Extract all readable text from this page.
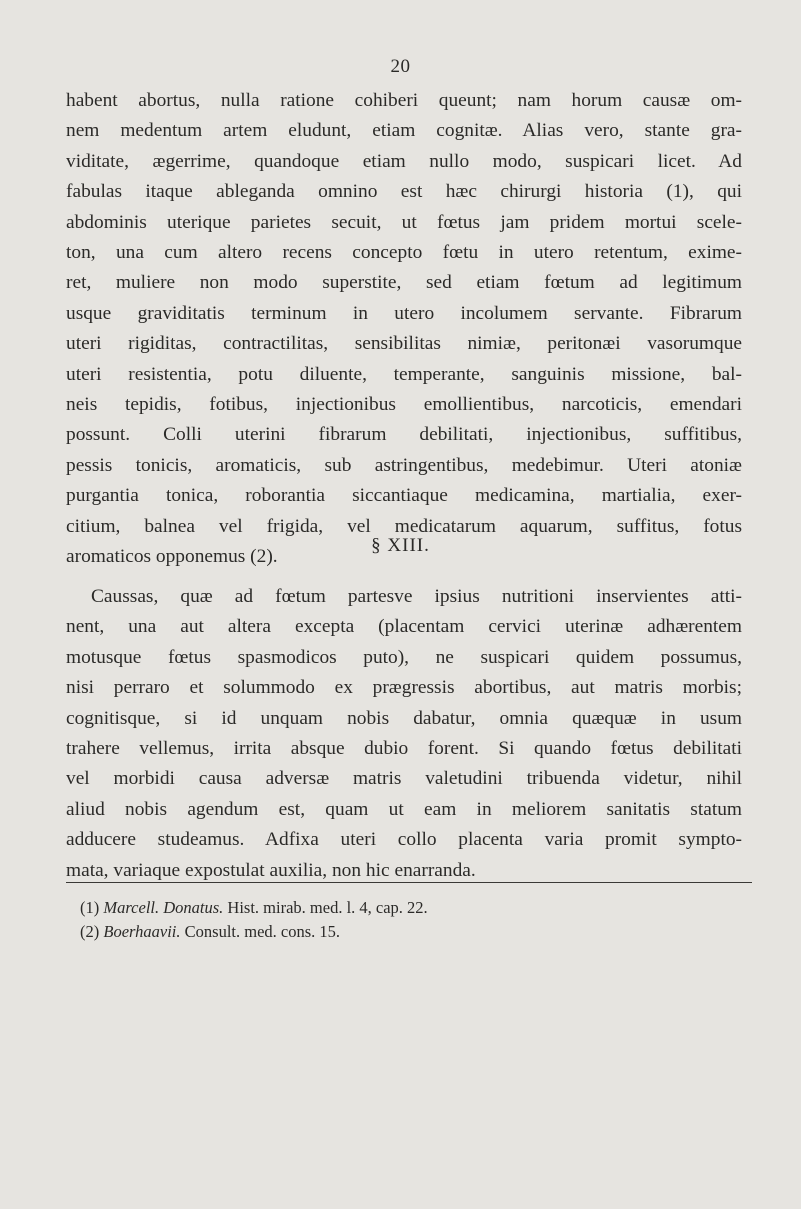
20
habent abortus, nulla ratione cohiberi queunt; nam horum causæ om-
nem medentum artem eludunt, etiam cognitæ. Alias vero, stante gra-
viditate, ægerrime, quandoque etiam nullo modo, suspicari licet. Ad
fabulas itaque ableganda omnino est hæc chirurgi historia (1), qui
abdominis uterique parietes secuit, ut fœtus jam pridem mortui scele-
ton, una cum altero recens concepto fœtu in utero retentum, exime-
ret, muliere non modo superstite, sed etiam fœtum ad legitimum
usque graviditatis terminum in utero incolumem servante. Fibrarum
uteri rigiditas, contractilitas, sensibilitas nimiæ, peritonæi vasorumque
uteri resistentia, potu diluente, temperante, sanguinis missione, bal-
neis tepidis, fotibus, injectionibus emollientibus, narcoticis, emendari
possunt. Colli uterini fibrarum debilitati, injectionibus, suffitibus,
pessis tonicis, aromaticis, sub astringentibus, medebimur. Uteri atoniæ
purgantia tonica, roborantia siccantiaque medicamina, martialia, exer-
citium, balnea vel frigida, vel medicatarum aquarum, suffitus, fotus
aromaticos opponemus (2).
§ XIII.
Caussas, quæ ad fœtum partesve ipsius nutritioni inservientes atti-
nent, una aut altera excepta (placentam cervici uterinæ adhærentem
motusque fœtus spasmodicos puto), ne suspicari quidem possumus,
nisi perraro et solummodo ex prægressis abortibus, aut matris morbis;
cognitisque, si id unquam nobis dabatur, omnia quæquæ in usum
trahere vellemus, irrita absque dubio forent. Si quando fœtus debilitati
vel morbidi causa adversæ matris valetudini tribuenda videtur, nihil
aliud nobis agendum est, quam ut eam in meliorem sanitatis statum
adducere studeamus. Adfixa uteri collo placenta varia promit sympto-
mata, variaque expostulat auxilia, non hic enarranda.
(1) Marcell. Donatus. Hist. mirab. med. l. 4, cap. 22.
(2) Boerhaavii. Consult. med. cons. 15.
